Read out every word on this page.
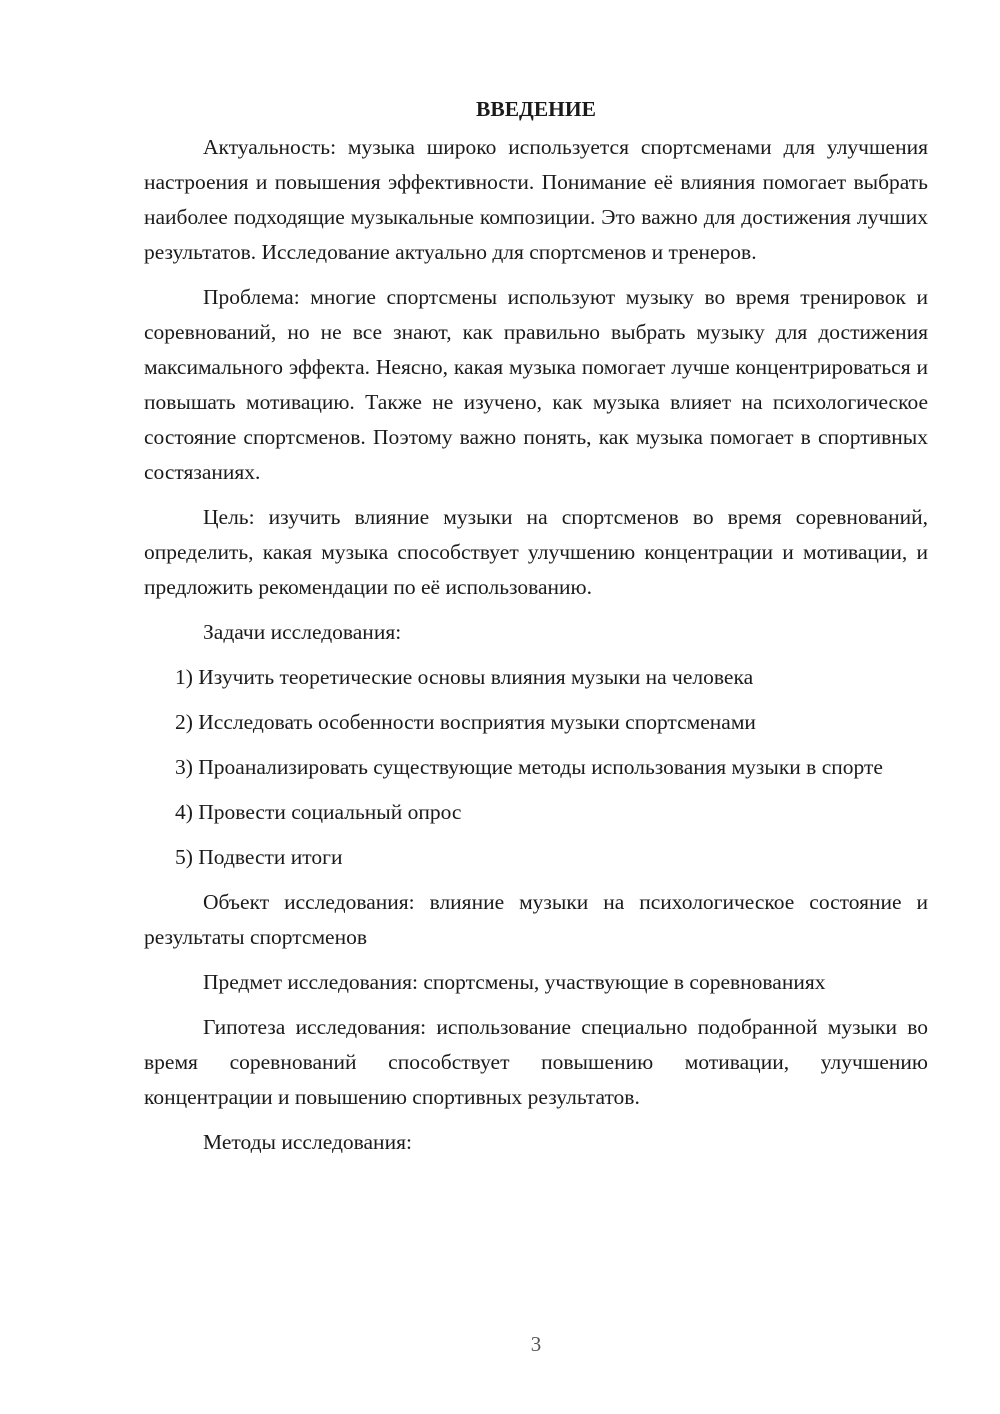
ВВЕДЕНИЕ

Актуальность: музыка широко используется спортсменами для улучшения настроения и повышения эффективности. Понимание её влияния помогает выбрать наиболее подходящие музыкальные композиции. Это важно для достижения лучших результатов. Исследование актуально для спортсменов и тренеров.

Проблема: многие спортсмены используют музыку во время тренировок и соревнований, но не все знают, как правильно выбрать музыку для достижения максимального эффекта. Неясно, какая музыка помогает лучше концентрироваться и повышать мотивацию. Также не изучено, как музыка влияет на психологическое состояние спортсменов. Поэтому важно понять, как музыка помогает в спортивных состязаниях.

Цель: изучить влияние музыки на спортсменов во время соревнований, определить, какая музыка способствует улучшению концентрации и мотивации, и предложить рекомендации по её использованию.

Задачи исследования:

1) Изучить теоретические основы влияния музыки на человека

2) Исследовать особенности восприятия музыки спортсменами

3) Проанализировать существующие методы использования музыки в спорте

4) Провести социальный опрос

5) Подвести итоги

Объект исследования: влияние музыки на психологическое состояние и результаты спортсменов

Предмет исследования: спортсмены, участвующие в соревнованиях

Гипотеза исследования: использование специально подобранной музыки во время соревнований способствует повышению мотивации, улучшению концентрации и повышению спортивных результатов.

Методы исследования:

3
